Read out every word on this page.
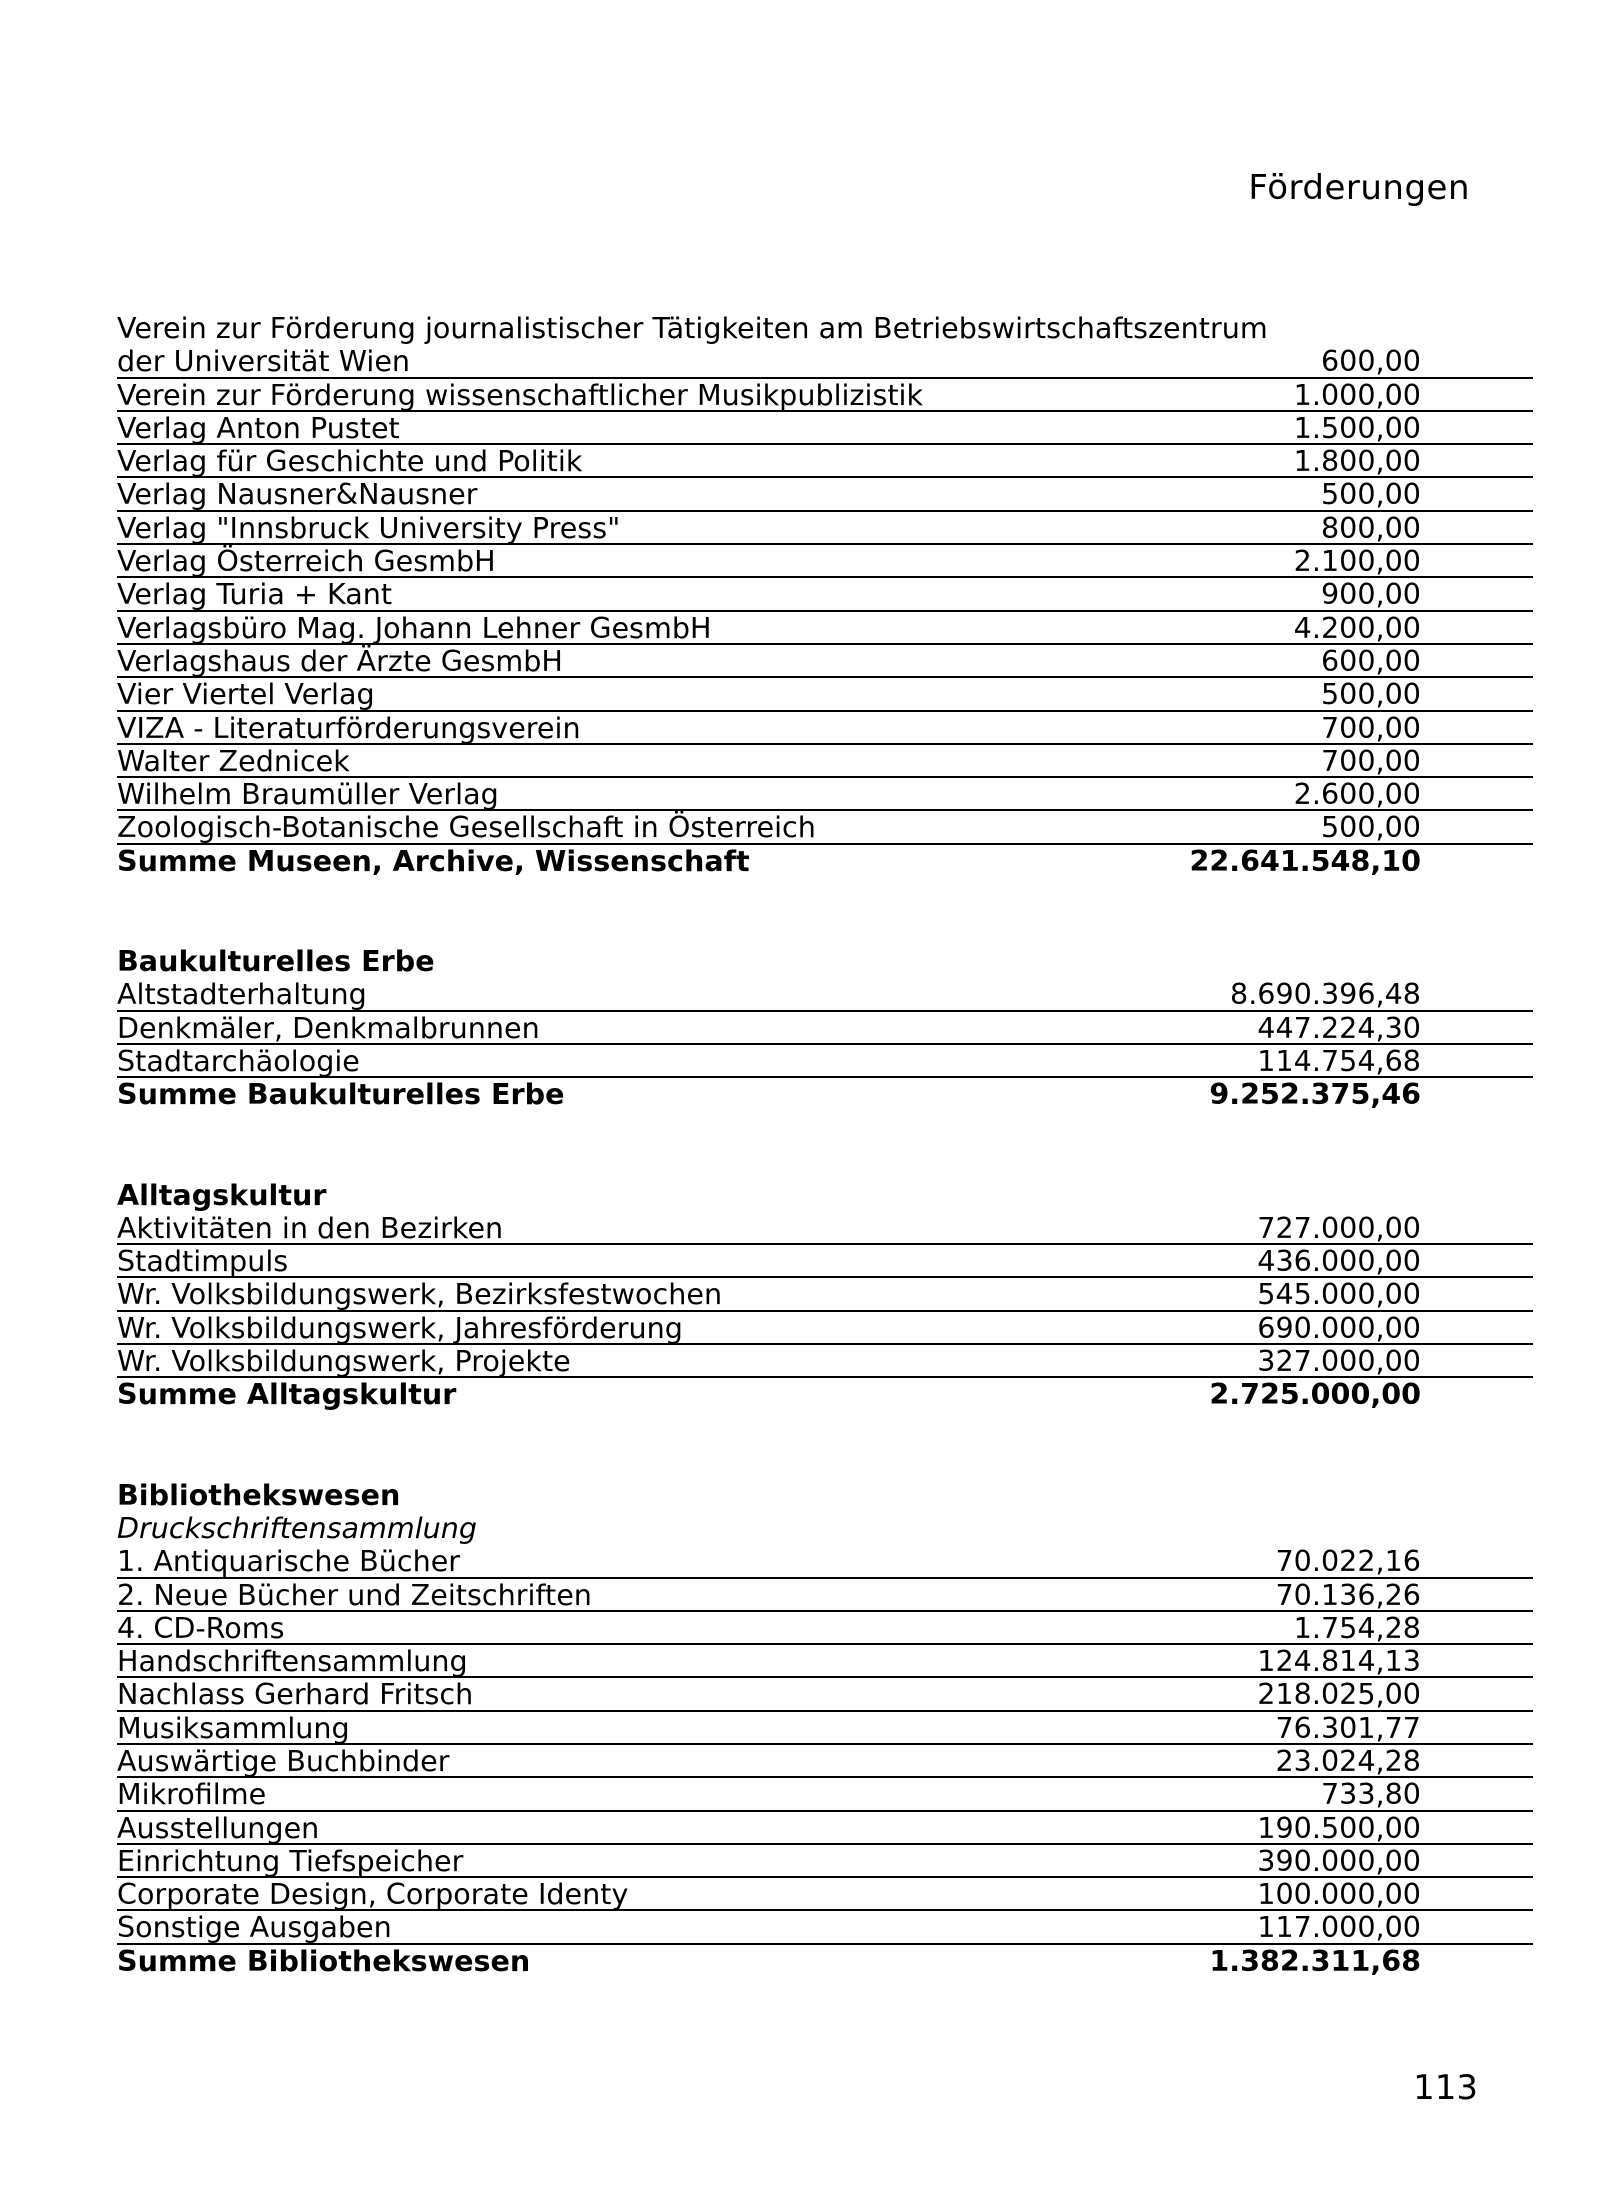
Förderungen
Verein zur Förderung journalistischer Tätigkeiten am Betriebswirtschaftszentrum
der Universität Wien	600,00
Verein zur Förderung wissenschaftlicher Musikpublizistik	1.000,00
Verlag Anton Pustet	1.500,00
Verlag für Geschichte und Politik	1.800,00
Verlag Nausner&Nausner	500,00
Verlag "Innsbruck University Press"	800,00
Verlag Österreich GesmbH	2.100,00
Verlag Turia + Kant	900,00
Verlagsbüro Mag. Johann Lehner GesmbH	4.200,00
Verlagshaus der Ärzte GesmbH	600,00
Vier Viertel Verlag	500,00
VIZA - Literaturförderungsverein	700,00
Walter Zednicek	700,00
Wilhelm Braumüller Verlag	2.600,00
Zoologisch-Botanische Gesellschaft in Österreich	500,00
Summe Museen, Archive, Wissenschaft	22.641.548,10
Baukulturelles Erbe
Altstadterhaltung	8.690.396,48
Denkmäler, Denkmalbrunnen	447.224,30
Stadtarchäologie	114.754,68
Summe Baukulturelles Erbe	9.252.375,46
Alltagskultur
Aktivitäten in den Bezirken	727.000,00
Stadtimpuls	436.000,00
Wr. Volksbildungswerk, Bezirksfestwochen	545.000,00
Wr. Volksbildungswerk, Jahresförderung	690.000,00
Wr. Volksbildungswerk, Projekte	327.000,00
Summe Alltagskultur	2.725.000,00
Bibliothekswesen
Druckschriftensammlung
1. Antiquarische Bücher	70.022,16
2. Neue Bücher und Zeitschriften	70.136,26
4. CD-Roms	1.754,28
Handschriftensammlung	124.814,13
Nachlass Gerhard Fritsch	218.025,00
Musiksammlung	76.301,77
Auswärtige Buchbinder	23.024,28
Mikrofilme	733,80
Ausstellungen	190.500,00
Einrichtung Tiefspeicher	390.000,00
Corporate Design, Corporate Identy	100.000,00
Sonstige Ausgaben	117.000,00
Summe Bibliothekswesen	1.382.311,68
113
